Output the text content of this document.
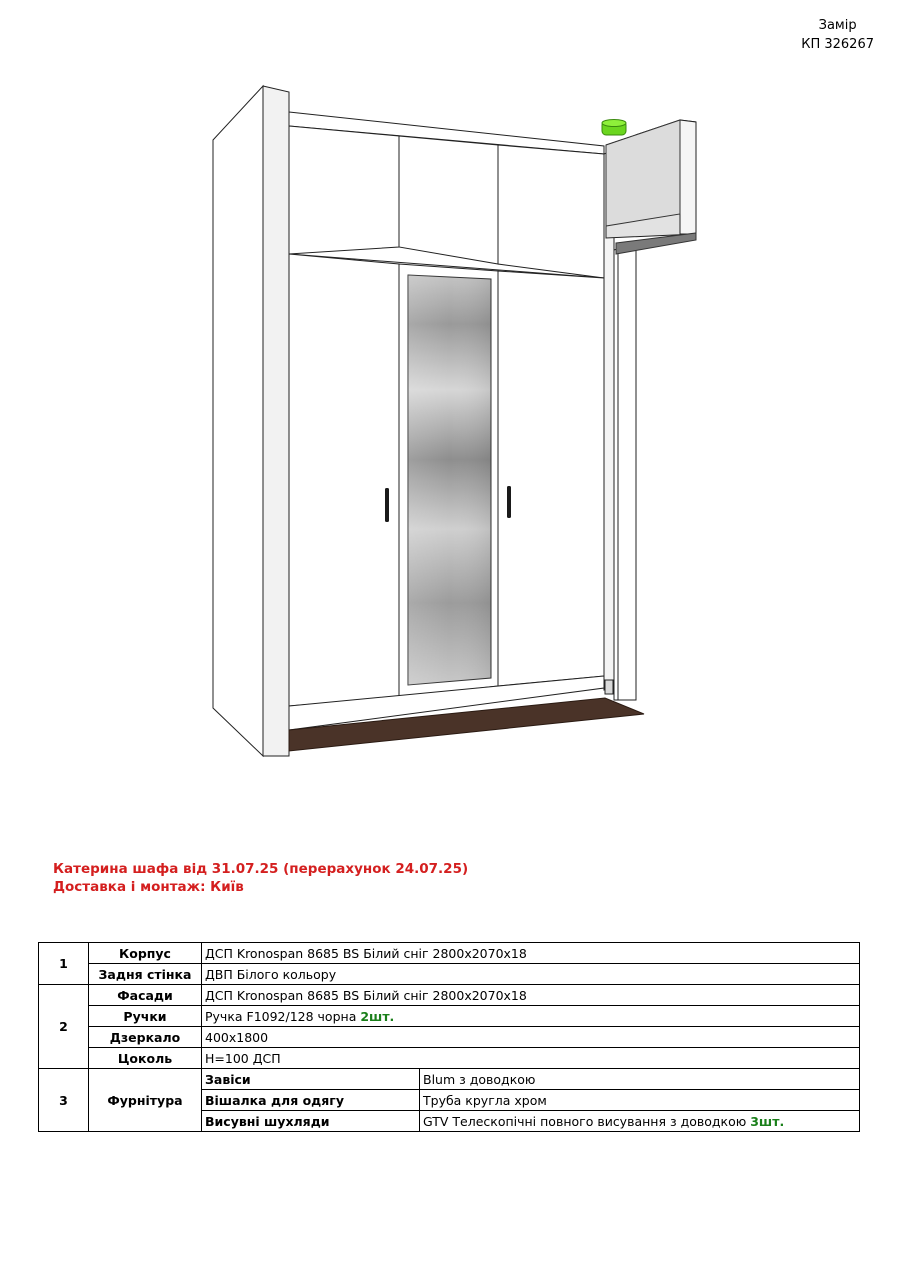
Замір
КП 326267
Катерина шафа від 31.07.25 (перерахунок 24.07.25)
Доставка і монтаж: Київ
1	Корпус	ДСП Kronospan 8685 BS Білий сніг 2800х2070х18	
	Задня стінка	ДВП Білого кольору	
2	Фасади	ДСП Kronospan 8685 BS Білий сніг 2800х2070х18	
	Ручки	Ручка F1092/128 чорна 2шт.	
	Дзеркало	400х1800	
	Цоколь	H=100 ДСП	
3	Фурнітура	Завіси	Blum з доводкою
		Вішалка для одягу	Труба кругла хром
		Висувні шухляди	GTV Телескопічні повного висування з доводкою 3шт.
